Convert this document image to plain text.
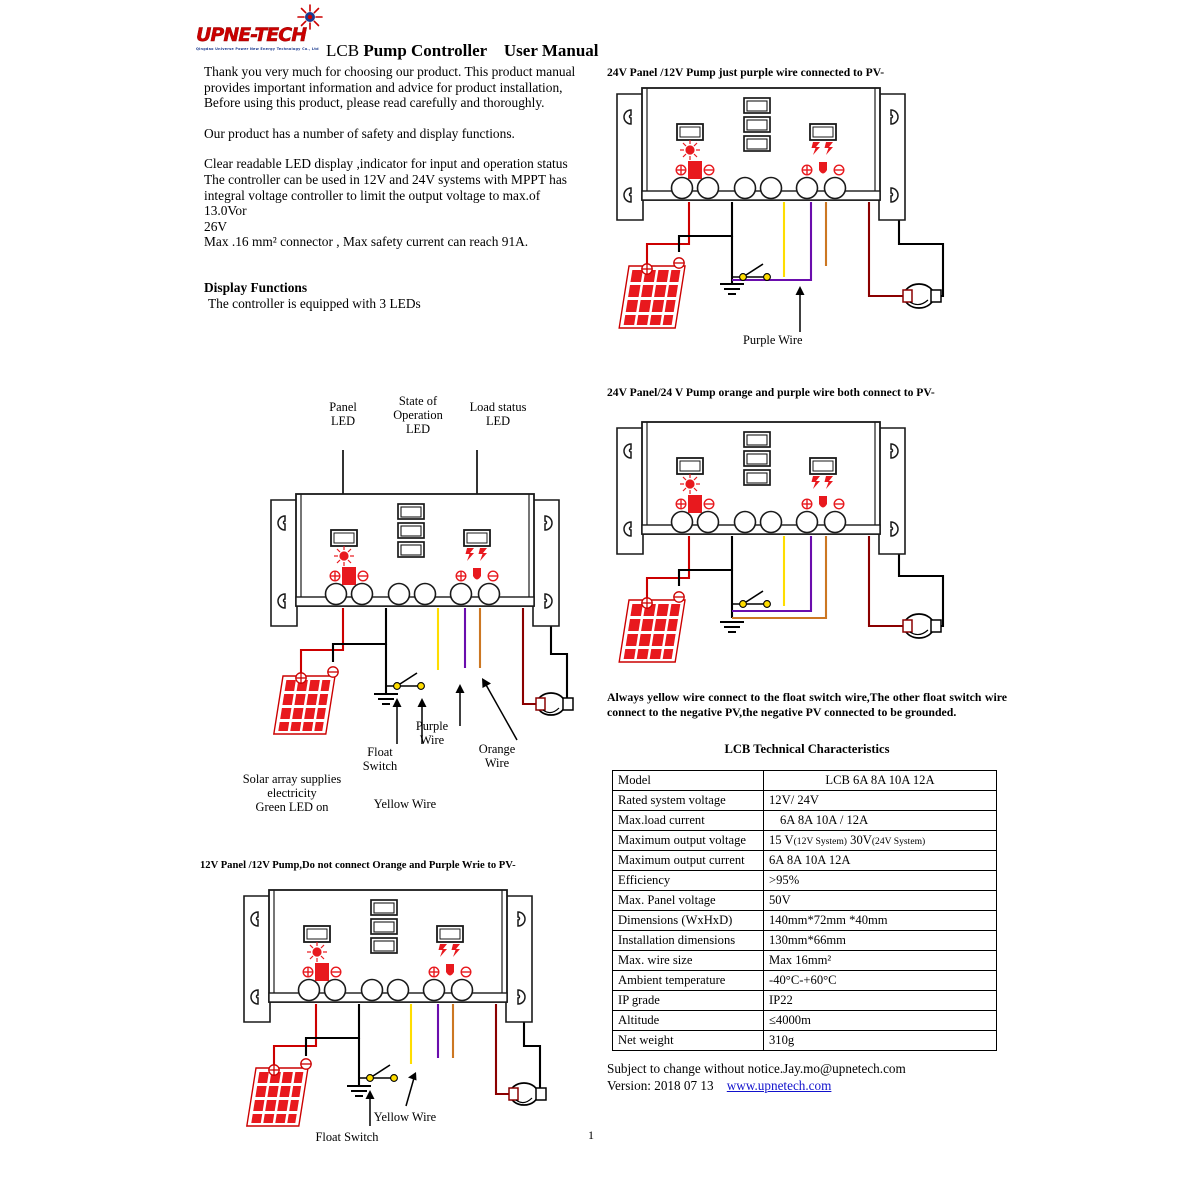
UPNE-TECH
Qingdao Universe Power New Energy Technology Co., Ltd LCB Pump Controller User Manual

Thank you very much for choosing our product. This product manual

provides important information and advice for product installation,

Before using this product, please read carefully and thoroughly.

Our product has a number of safety and display functions.

Clear readable LED display ,indicator for input and operation status

The controller can be used in 12V and 24V systems with MPPT has

integral voltage controller to limit the output voltage to max.of 13.0Vor

26V

Max .16 mm² connector , Max safety current can reach 91A.

Display Functions

The controller is equipped with 3 LEDs

24V Panel /12V Pump just purple wire connected to PV-
Purple Wire
24V Panel/24 V Pump orange and purple wire both connect to PV-
Panel
LED
State of
Operation
LED
Load status
LED
Float
Switch
Purple
Wire
Orange
Wire
Yellow Wire
Solar array supplies
electricity
Green LED on
12V Panel /12V Pump,Do not connect Orange and Purple Wrie to PV-
Yellow Wire
Float Switch
Always yellow wire connect to the float switch wire,The other float switch wire connect to the negative PV,the negative PV connected to be grounded.
LCB Technical Characteristics
Model	LCB 6A 8A 10A 12A
Rated system voltage	12V/ 24V
Max.load current	6A 8A 10A / 12A
Maximum output voltage	15 V(12V System) 30V(24V System)
Maximum output current	6A 8A 10A 12A
Efficiency	>95%
Max. Panel voltage	50V
Dimensions (WxHxD)	140mm*72mm *40mm
Installation dimensions	130mm*66mm
Max. wire size	Max 16mm²
Ambient temperature	-40°C-+60°C
IP grade	IP22
Altitude	≤4000m
Net weight	310g
Subject to change without notice.Jay.mo@upnetech.com
Version: 2018 07 13 www.upnetech.com
1
